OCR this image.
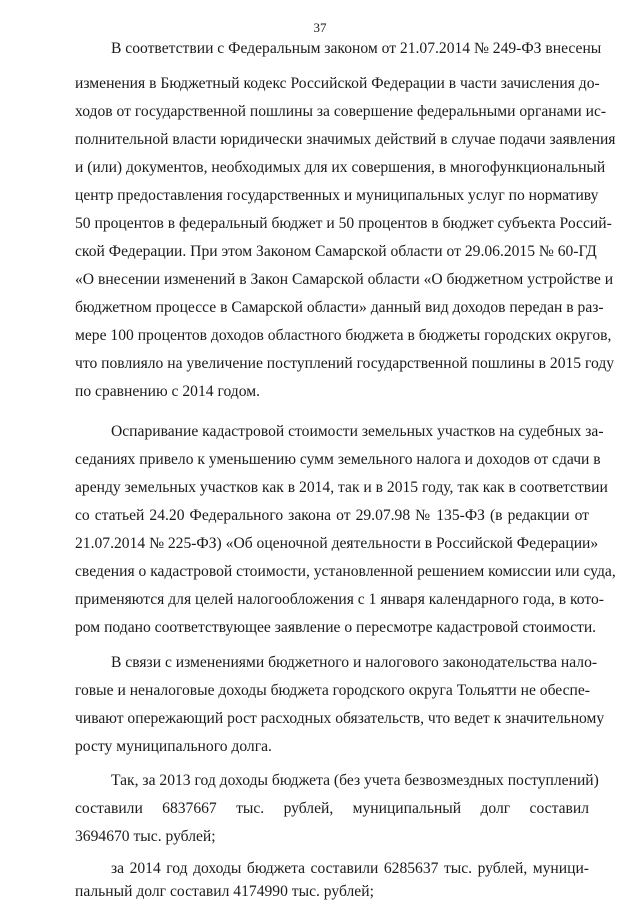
37
В соответствии с Федеральным законом от 21.07.2014 № 249-ФЗ внесены
изменения в Бюджетный кодекс Российской Федерации в части зачисления до-
ходов от государственной пошлины за совершение федеральными органами ис-
полнительной власти юридически значимых действий в случае подачи заявления
и (или) документов, необходимых для их совершения, в многофункциональный
центр предоставления государственных и муниципальных услуг по нормативу
50 процентов в федеральный бюджет и 50 процентов в бюджет субъекта Россий-
ской Федерации. При этом Законом Самарской области от 29.06.2015 № 60-ГД
«О внесении изменений в Закон Самарской области «О бюджетном устройстве и
бюджетном процессе в Самарской области» данный вид доходов передан в раз-
мере 100 процентов доходов областного бюджета в бюджеты городских округов,
что повлияло на увеличение поступлений государственной пошлины в 2015 году
по сравнению с 2014 годом.
Оспаривание кадастровой стоимости земельных участков на судебных за-
седаниях привело к уменьшению сумм земельного налога и доходов от сдачи в
аренду земельных участков как в 2014, так и в 2015 году, так как в соответствии
со статьей 24.20 Федерального закона от 29.07.98 № 135-ФЗ (в редакции от
21.07.2014 № 225-ФЗ) «Об оценочной деятельности в Российской Федерации»
сведения о кадастровой стоимости, установленной решением комиссии или суда,
применяются для целей налогообложения с 1 января календарного года, в кото-
ром подано соответствующее заявление о пересмотре кадастровой стоимости.
В связи с изменениями бюджетного и налогового законодательства нало-
говые и неналоговые доходы бюджета городского округа Тольятти не обеспе-
чивают опережающий рост расходных обязательств, что ведет к значительному
росту муниципального долга.
Так, за 2013 год доходы бюджета (без учета безвозмездных поступлений)
составили 6837667 тыс. рублей, муниципальный долг составил
3694670 тыс. рублей;
за 2014 год доходы бюджета составили 6285637 тыс. рублей, муници-
пальный долг составил 4174990 тыс. рублей;
